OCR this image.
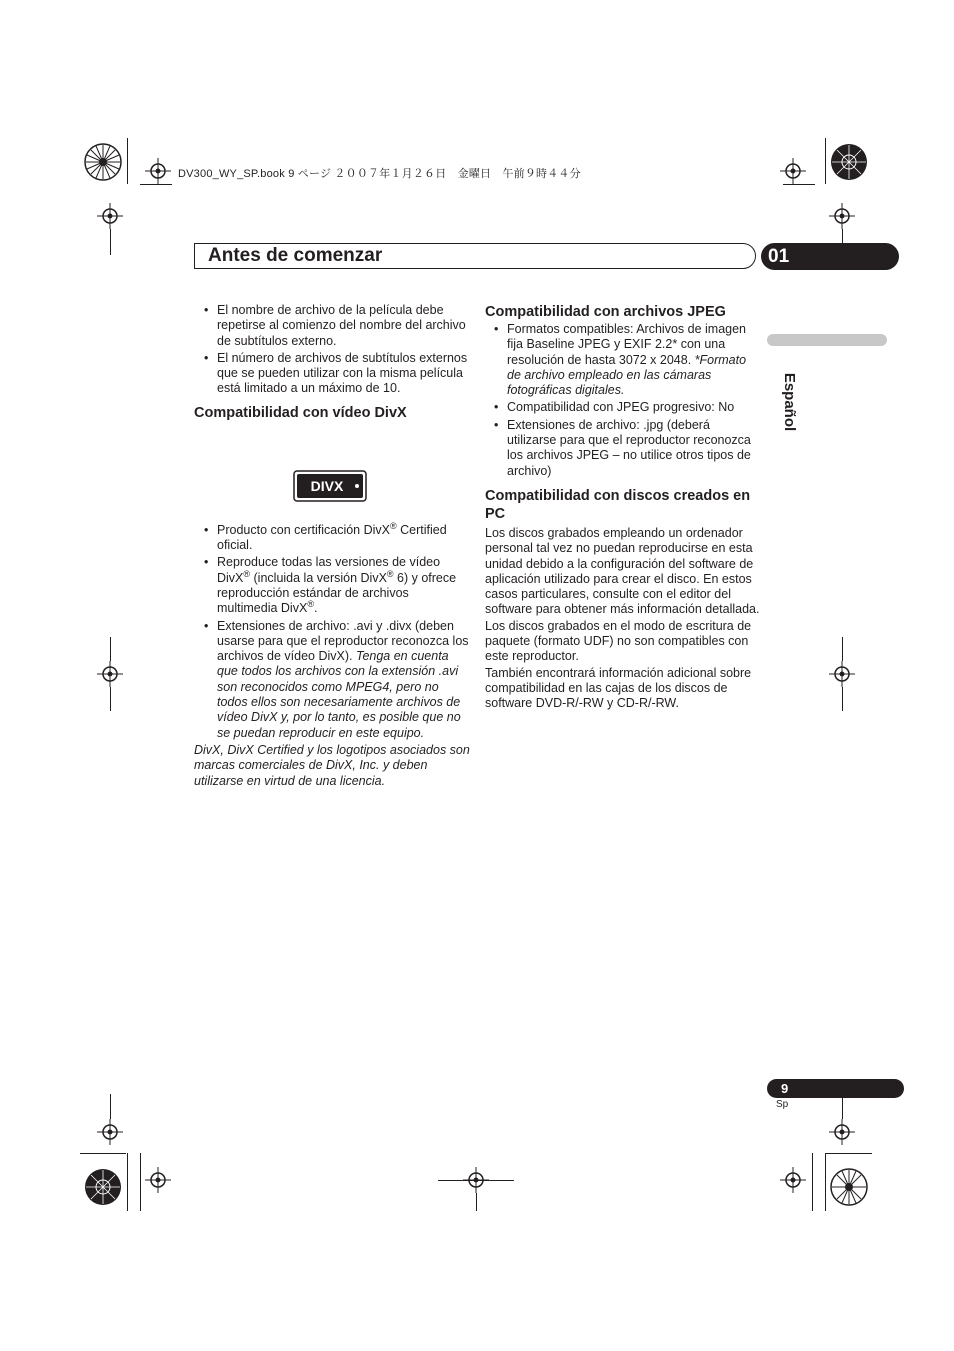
DV300_WY_SP.book 9 ページ ２００７年１月２６日　金曜日　午前９時４４分
Antes de comenzar	01
Español
• El nombre de archivo de la película debe repetirse al comienzo del nombre del archivo de subtítulos externo.
• El número de archivos de subtítulos externos que se pueden utilizar con la misma película está limitado a un máximo de 10.
Compatibilidad con vídeo DivX
• Producto con certificación DivX® Certified oficial.
• Reproduce todas las versiones de vídeo DivX® (incluida la versión DivX® 6) y ofrece reproducción estándar de archivos multimedia DivX®.
• Extensiones de archivo: .avi y .divx (deben usarse para que el reproductor reconozca los archivos de vídeo DivX). Tenga en cuenta que todos los archivos con la extensión .avi son reconocidos como MPEG4, pero no todos ellos son necesariamente archivos de vídeo DivX y, por lo tanto, es posible que no se puedan reproducir en este equipo.

DivX, DivX Certified y los logotipos asociados son marcas comerciales de DivX, Inc. y deben utilizarse en virtud de una licencia.

DIVX
Compatibilidad con archivos JPEG
• Formatos compatibles: Archivos de imagen fija Baseline JPEG y EXIF 2.2* con una resolución de hasta 3072 x 2048. *Formato de archivo empleado en las cámaras fotográficas digitales.
• Compatibilidad con JPEG progresivo: No
• Extensiones de archivo: .jpg (deberá utilizarse para que el reproductor reconozca los archivos JPEG – no utilice otros tipos de archivo)
Compatibilidad con discos creados en PC

Los discos grabados empleando un ordenador personal tal vez no puedan reproducirse en esta unidad debido a la configuración del software de aplicación utilizado para crear el disco. En estos casos particulares, consulte con el editor del software para obtener más información detallada.

Los discos grabados en el modo de escritura de paquete (formato UDF) no son compatibles con este reproductor.

También encontrará información adicional sobre compatibilidad en las cajas de los discos de software DVD-R/-RW y CD-R/-RW.

9
Sp
